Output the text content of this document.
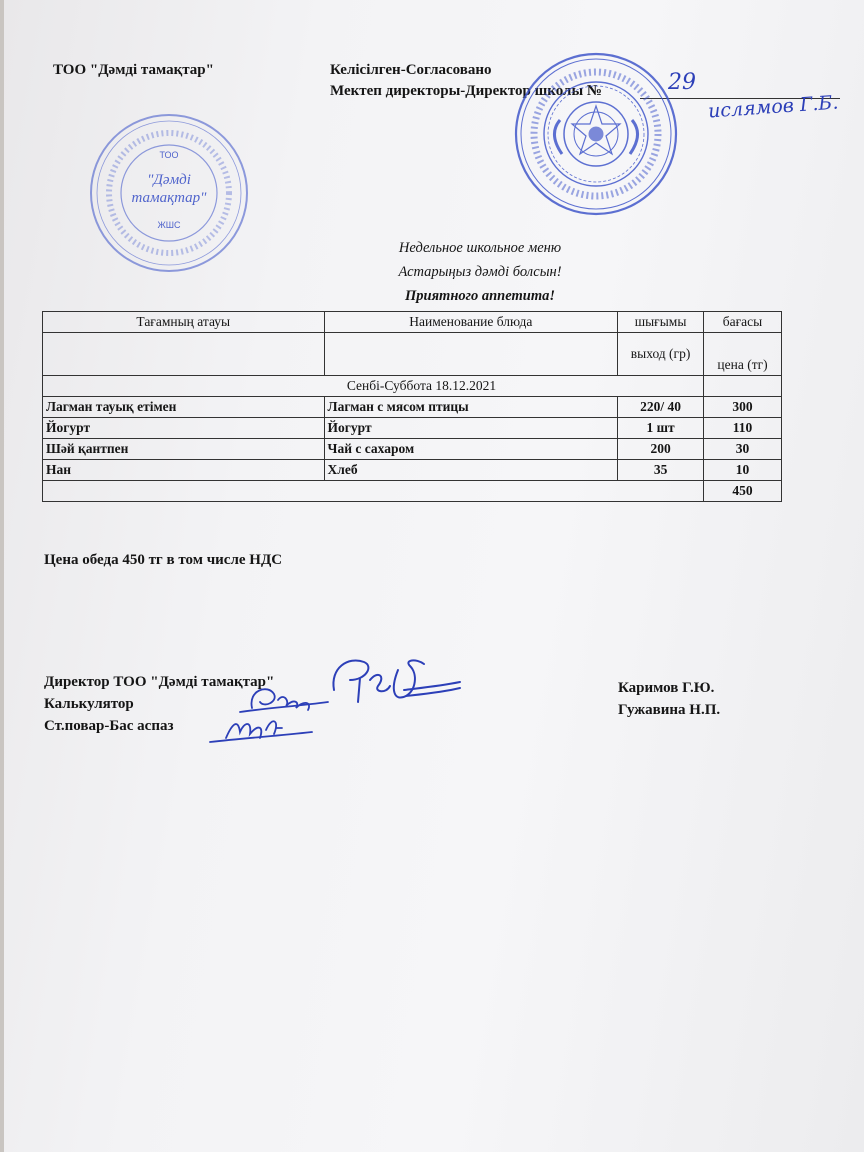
ТОО "Дәмді тамақтар"	Келісілген-Согласовано
Мектеп директоры-Директор школы №	29
ислямов Г.Б.
ТОО
"Дәмді
тамақтар"
ЖШС
Недельное школьное меню
Астарыңыз дәмді болсын!
Приятного аппетита!
Тағамның атауы	Наименование блюда	шығымы	бағасы
		выход (гр)	цена (тг)
Сенбі-Суббота 18.12.2021			
Лагман тауық етімен	Лагман с мясом птицы	220/ 40	300
Йогурт	Йогурт	1 шт	110
Шәй қантпен	Чай с сахаром	200	30
Нан	Хлеб	35	10
			450
Цена обеда 450 тг в том числе НДС
Директор ТОО "Дәмді тамақтар"
Калькулятор
Ст.повар-Бас аспаз
Каримов Г.Ю.
Гужавина Н.П.
